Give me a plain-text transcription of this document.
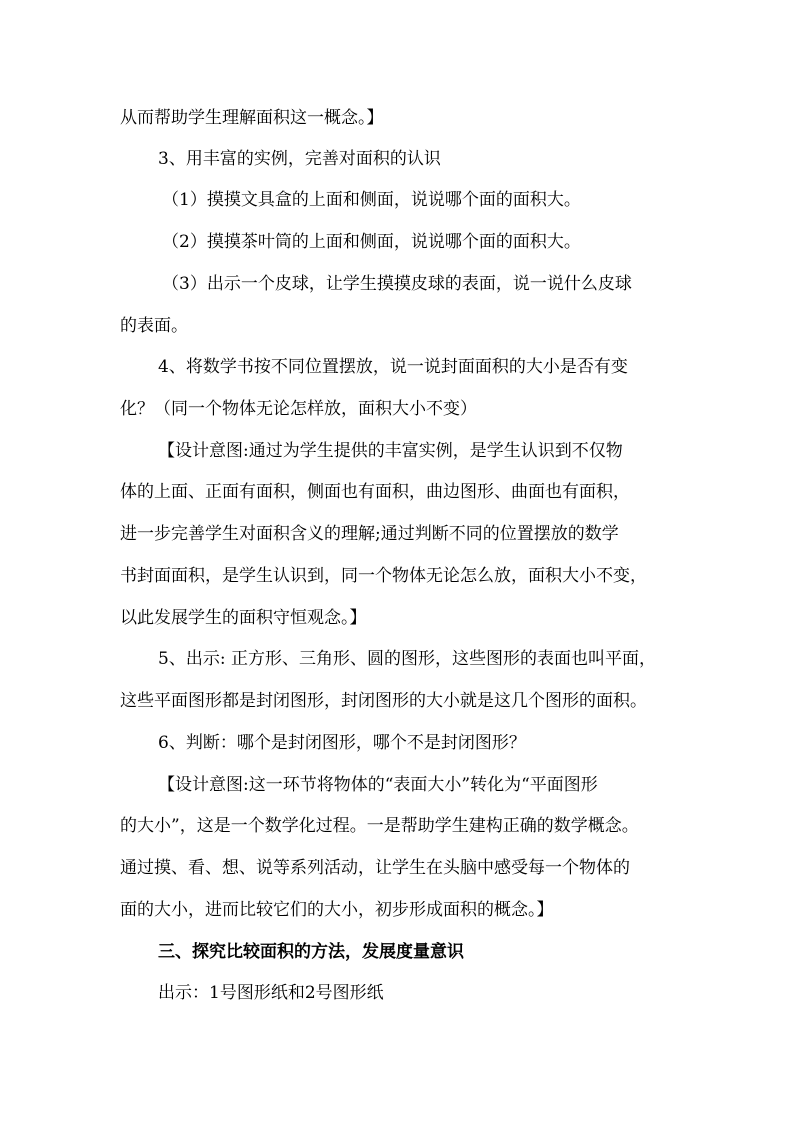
从而帮助学生理解面积这一概念。】
3、用丰富的实例，完善对面积的认识
（1）摸摸文具盒的上面和侧面，说说哪个面的面积大。
（2）摸摸茶叶筒的上面和侧面，说说哪个面的面积大。
（3）出示一个皮球，让学生摸摸皮球的表面，说一说什么皮球
的表面。
4、将数学书按不同位置摆放，说一说封面面积的大小是否有变
化？（同一个物体无论怎样放，面积大小不变）
【设计意图:通过为学生提供的丰富实例，是学生认识到不仅物
体的上面、正面有面积，侧面也有面积，曲边图形、曲面也有面积，
进一步完善学生对面积含义的理解;通过判断不同的位置摆放的数学
书封面面积，是学生认识到，同一个物体无论怎么放，面积大小不变，
以此发展学生的面积守恒观念。】
5、出示: 正方形、三角形、圆的图形，这些图形的表面也叫平面，
这些平面图形都是封闭图形，封闭图形的大小就是这几个图形的面积。
6、判断：哪个是封闭图形，哪个不是封闭图形？
【设计意图:这一环节将物体的“表面大小”转化为“平面图形
的大小”，这是一个数学化过程。一是帮助学生建构正确的数学概念。
通过摸、看、想、说等系列活动，让学生在头脑中感受每一个物体的
面的大小，进而比较它们的大小，初步形成面积的概念。】
三、探究比较面积的方法，发展度量意识
出示：1号图形纸和2号图形纸
